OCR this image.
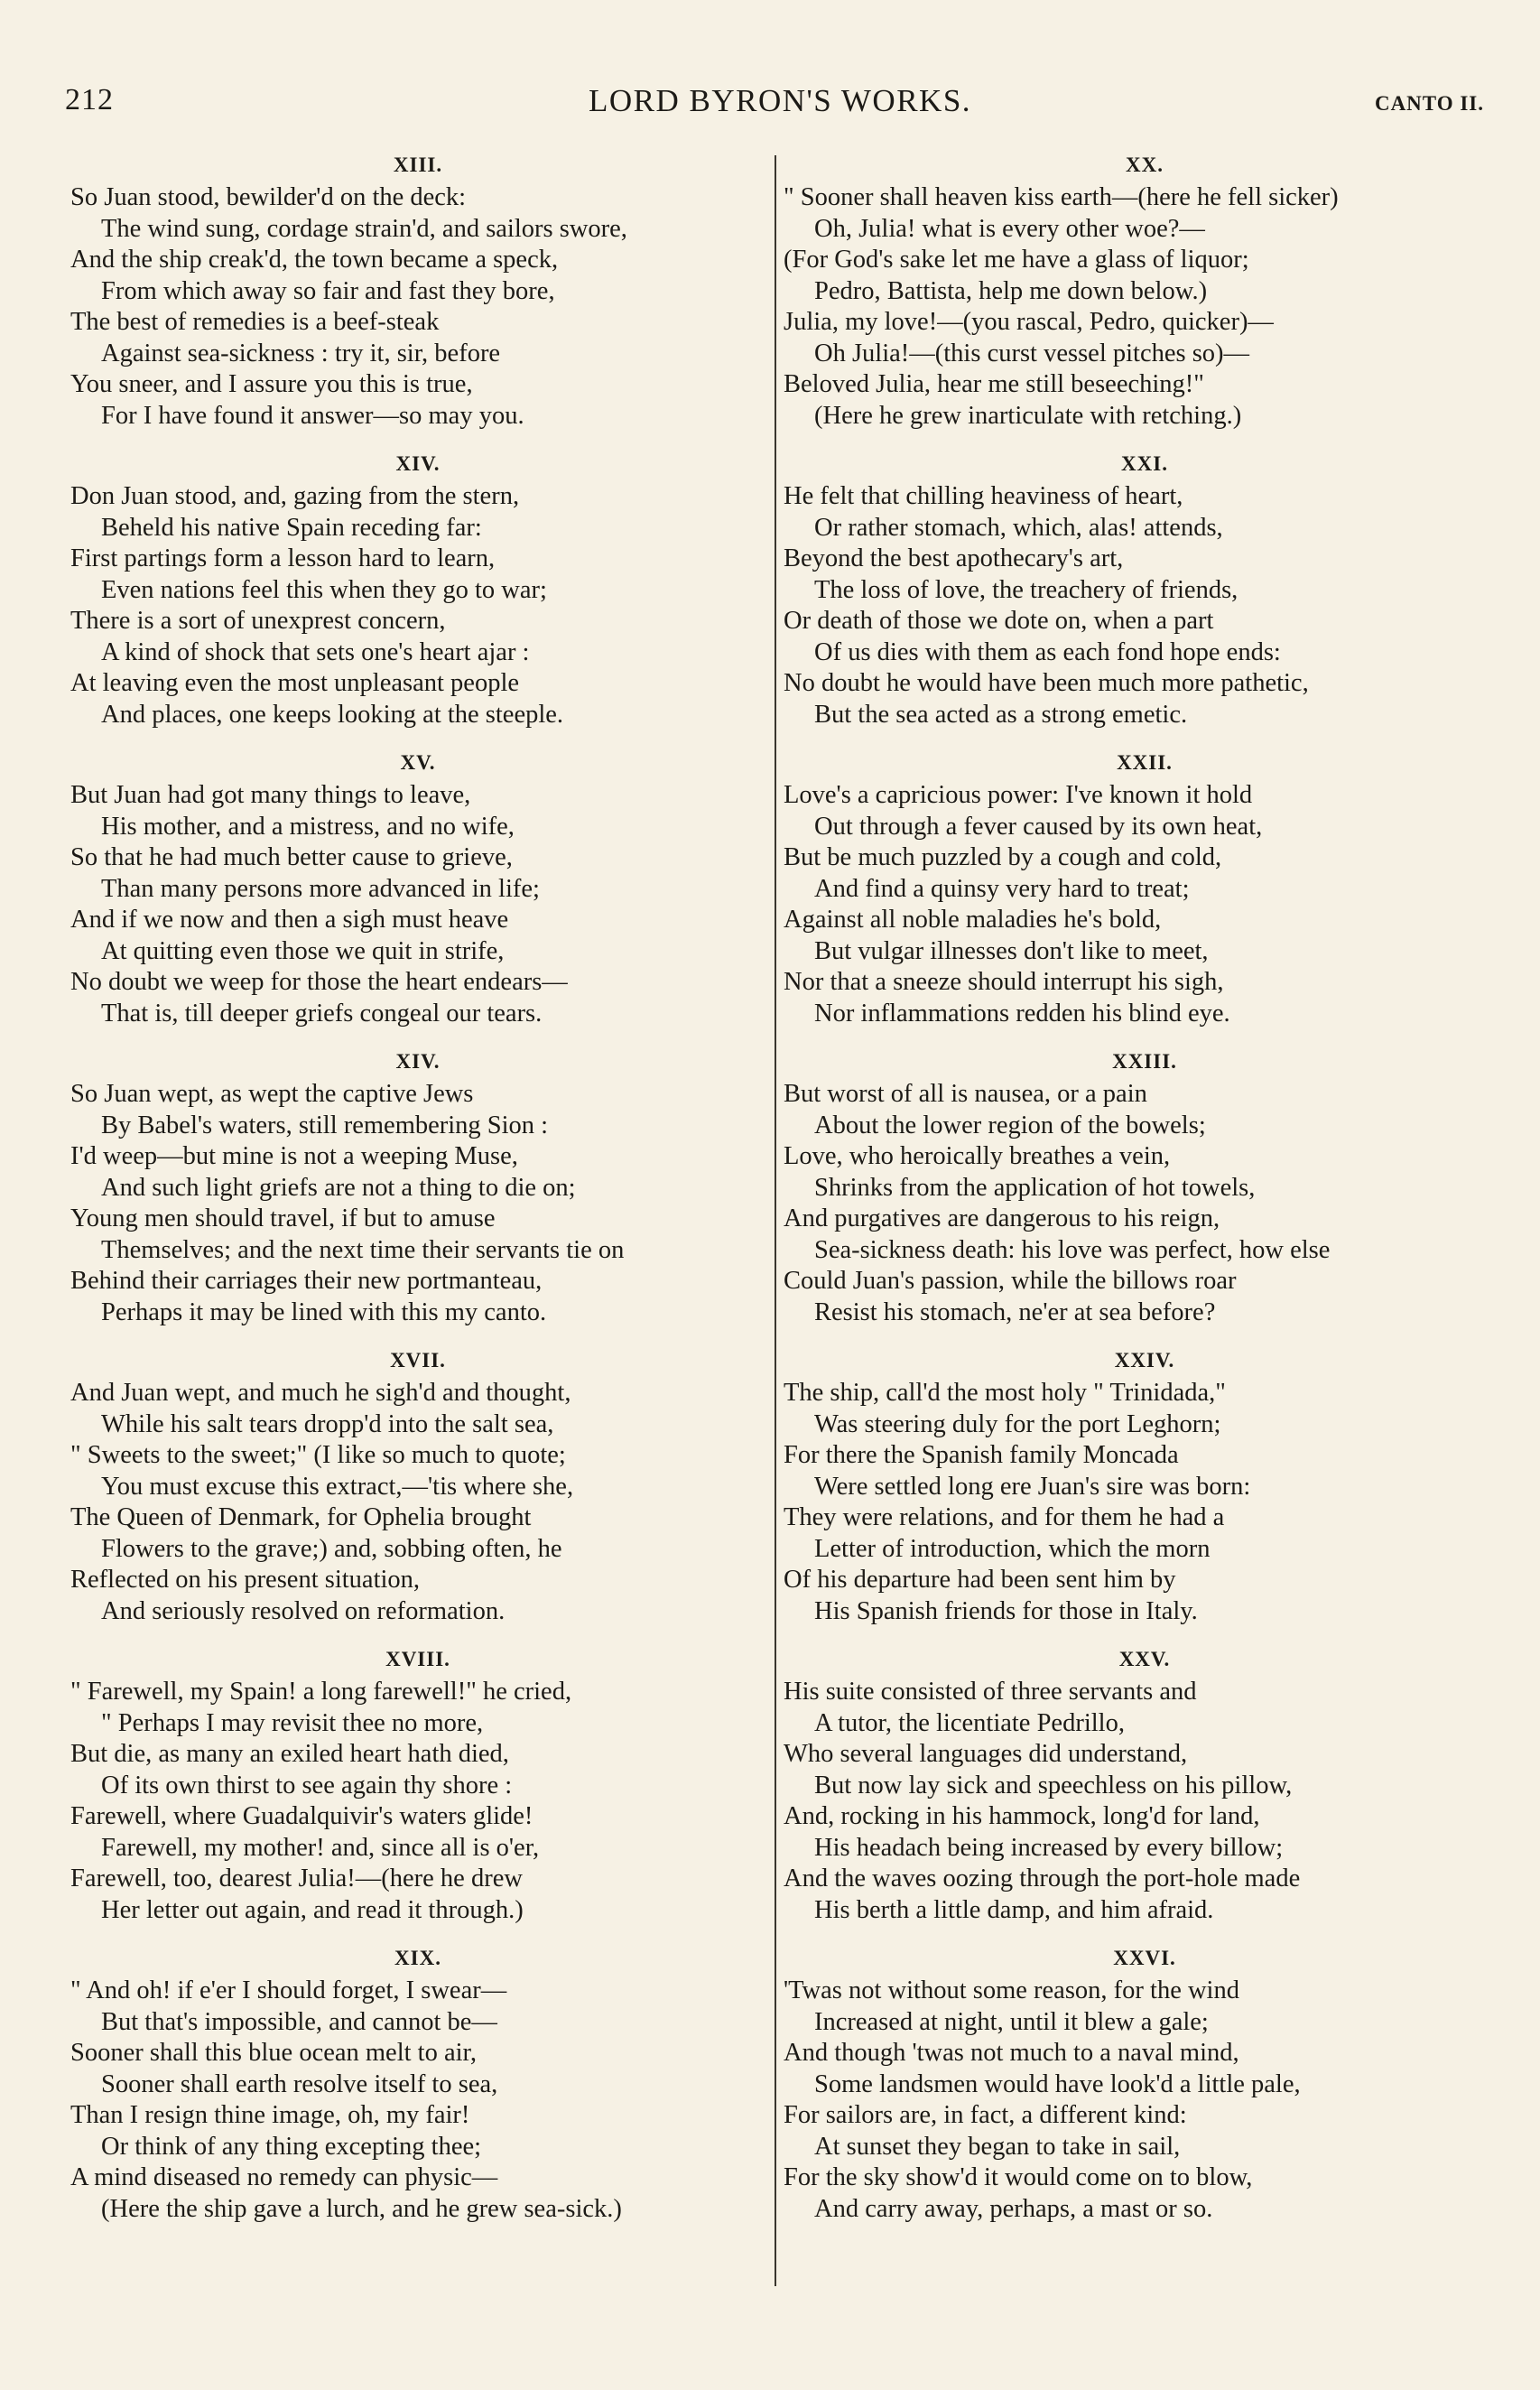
212	LORD BYRON'S WORKS.	CANTO II.
XIII.
So Juan stood, bewilder'd on the deck:
The wind sung, cordage strain'd, and sailors swore,
And the ship creak'd, the town became a speck,
From which away so fair and fast they bore,
The best of remedies is a beef-steak
Against sea-sickness : try it, sir, before
You sneer, and I assure you this is true,
For I have found it answer—so may you.
XIV.
Don Juan stood, and, gazing from the stern,
Beheld his native Spain receding far:
First partings form a lesson hard to learn,
Even nations feel this when they go to war;
There is a sort of unexprest concern,
A kind of shock that sets one's heart ajar :
At leaving even the most unpleasant people
And places, one keeps looking at the steeple.
XV.
But Juan had got many things to leave,
His mother, and a mistress, and no wife,
So that he had much better cause to grieve,
Than many persons more advanced in life;
And if we now and then a sigh must heave
At quitting even those we quit in strife,
No doubt we weep for those the heart endears—
That is, till deeper griefs congeal our tears.
XIV.
So Juan wept, as wept the captive Jews
By Babel's waters, still remembering Sion :
I'd weep—but mine is not a weeping Muse,
And such light griefs are not a thing to die on;
Young men should travel, if but to amuse
Themselves; and the next time their servants tie on
Behind their carriages their new portmanteau,
Perhaps it may be lined with this my canto.
XVII.
And Juan wept, and much he sigh'd and thought,
While his salt tears dropp'd into the salt sea,
" Sweets to the sweet;" (I like so much to quote;
You must excuse this extract,—'tis where she,
The Queen of Denmark, for Ophelia brought
Flowers to the grave;) and, sobbing often, he
Reflected on his present situation,
And seriously resolved on reformation.
XVIII.
" Farewell, my Spain! a long farewell!" he cried,
" Perhaps I may revisit thee no more,
But die, as many an exiled heart hath died,
Of its own thirst to see again thy shore :
Farewell, where Guadalquivir's waters glide!
Farewell, my mother! and, since all is o'er,
Farewell, too, dearest Julia!—(here he drew
Her letter out again, and read it through.)
XIX.
" And oh! if e'er I should forget, I swear—
But that's impossible, and cannot be—
Sooner shall this blue ocean melt to air,
Sooner shall earth resolve itself to sea,
Than I resign thine image, oh, my fair!
Or think of any thing excepting thee;
A mind diseased no remedy can physic—
(Here the ship gave a lurch, and he grew sea-sick.)
XX.
" Sooner shall heaven kiss earth—(here he fell sicker)
Oh, Julia! what is every other woe?—
(For God's sake let me have a glass of liquor;
Pedro, Battista, help me down below.)
Julia, my love!—(you rascal, Pedro, quicker)—
Oh Julia!—(this curst vessel pitches so)—
Beloved Julia, hear me still beseeching!"
(Here he grew inarticulate with retching.)
XXI.
He felt that chilling heaviness of heart,
Or rather stomach, which, alas! attends,
Beyond the best apothecary's art,
The loss of love, the treachery of friends,
Or death of those we dote on, when a part
Of us dies with them as each fond hope ends:
No doubt he would have been much more pathetic,
But the sea acted as a strong emetic.
XXII.
Love's a capricious power: I've known it hold
Out through a fever caused by its own heat,
But be much puzzled by a cough and cold,
And find a quinsy very hard to treat;
Against all noble maladies he's bold,
But vulgar illnesses don't like to meet,
Nor that a sneeze should interrupt his sigh,
Nor inflammations redden his blind eye.
XXIII.
But worst of all is nausea, or a pain
About the lower region of the bowels;
Love, who heroically breathes a vein,
Shrinks from the application of hot towels,
And purgatives are dangerous to his reign,
Sea-sickness death: his love was perfect, how else
Could Juan's passion, while the billows roar
Resist his stomach, ne'er at sea before?
XXIV.
The ship, call'd the most holy " Trinidada,"
Was steering duly for the port Leghorn;
For there the Spanish family Moncada
Were settled long ere Juan's sire was born:
They were relations, and for them he had a
Letter of introduction, which the morn
Of his departure had been sent him by
His Spanish friends for those in Italy.
XXV.
His suite consisted of three servants and
A tutor, the licentiate Pedrillo,
Who several languages did understand,
But now lay sick and speechless on his pillow,
And, rocking in his hammock, long'd for land,
His headach being increased by every billow;
And the waves oozing through the port-hole made
His berth a little damp, and him afraid.
XXVI.
'Twas not without some reason, for the wind
Increased at night, until it blew a gale;
And though 'twas not much to a naval mind,
Some landsmen would have look'd a little pale,
For sailors are, in fact, a different kind:
At sunset they began to take in sail,
For the sky show'd it would come on to blow,
And carry away, perhaps, a mast or so.
